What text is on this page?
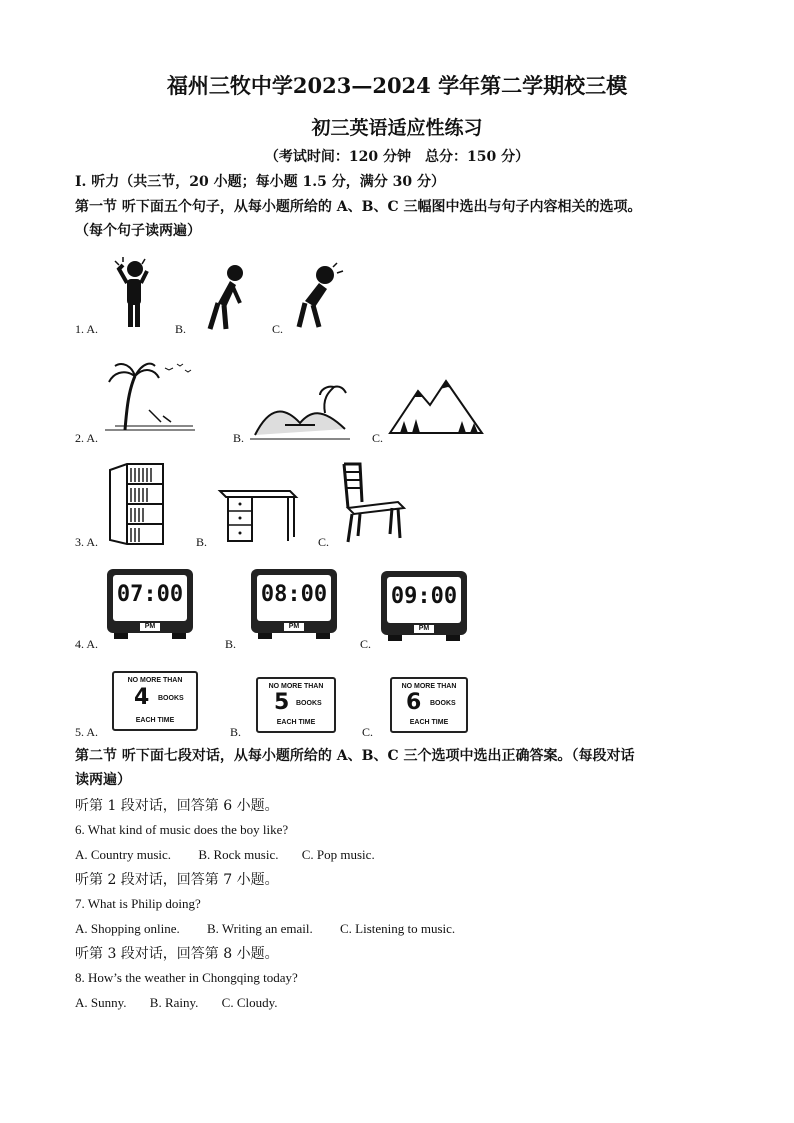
福州三牧中学2023—2024 学年第二学期校三模
初三英语适应性练习
（考试时间：120 分钟　总分：150 分）
Ⅰ. 听力（共三节，20 小题；每小题 1.5 分，满分 30 分）
第一节 听下面五个句子，从每小题所给的 A、B、C 三幅图中选出与句子内容相关的选项。
（每个句子读两遍）
1. A.	B.	C.
2. A.	B.	C.
3. A.	B.	C.
07:00
PM
08:00
PM
09:00
PM
4. A.	B.	C.
NO MORE THAN
4 BOOKS
EACH TIME
NO MORE THAN
5 BOOKS
EACH TIME
NO MORE THAN
6 BOOKS
EACH TIME
5. A.	B.	C.
第二节 听下面七段对话，从每小题所给的 A、B、C 三个选项中选出正确答案。（每段对话
读两遍）
听第 1 段对话，回答第 6 小题。
6. What kind of music does the boy like?
A. Country music. B. Rock music. C. Pop music.
听第 2 段对话，回答第 7 小题。
7. What is Philip doing?
A. Shopping online. B. Writing an email. C. Listening to music.
听第 3 段对话，回答第 8 小题。
8. How’s the weather in Chongqing today?
A. Sunny. B. Rainy. C. Cloudy.
